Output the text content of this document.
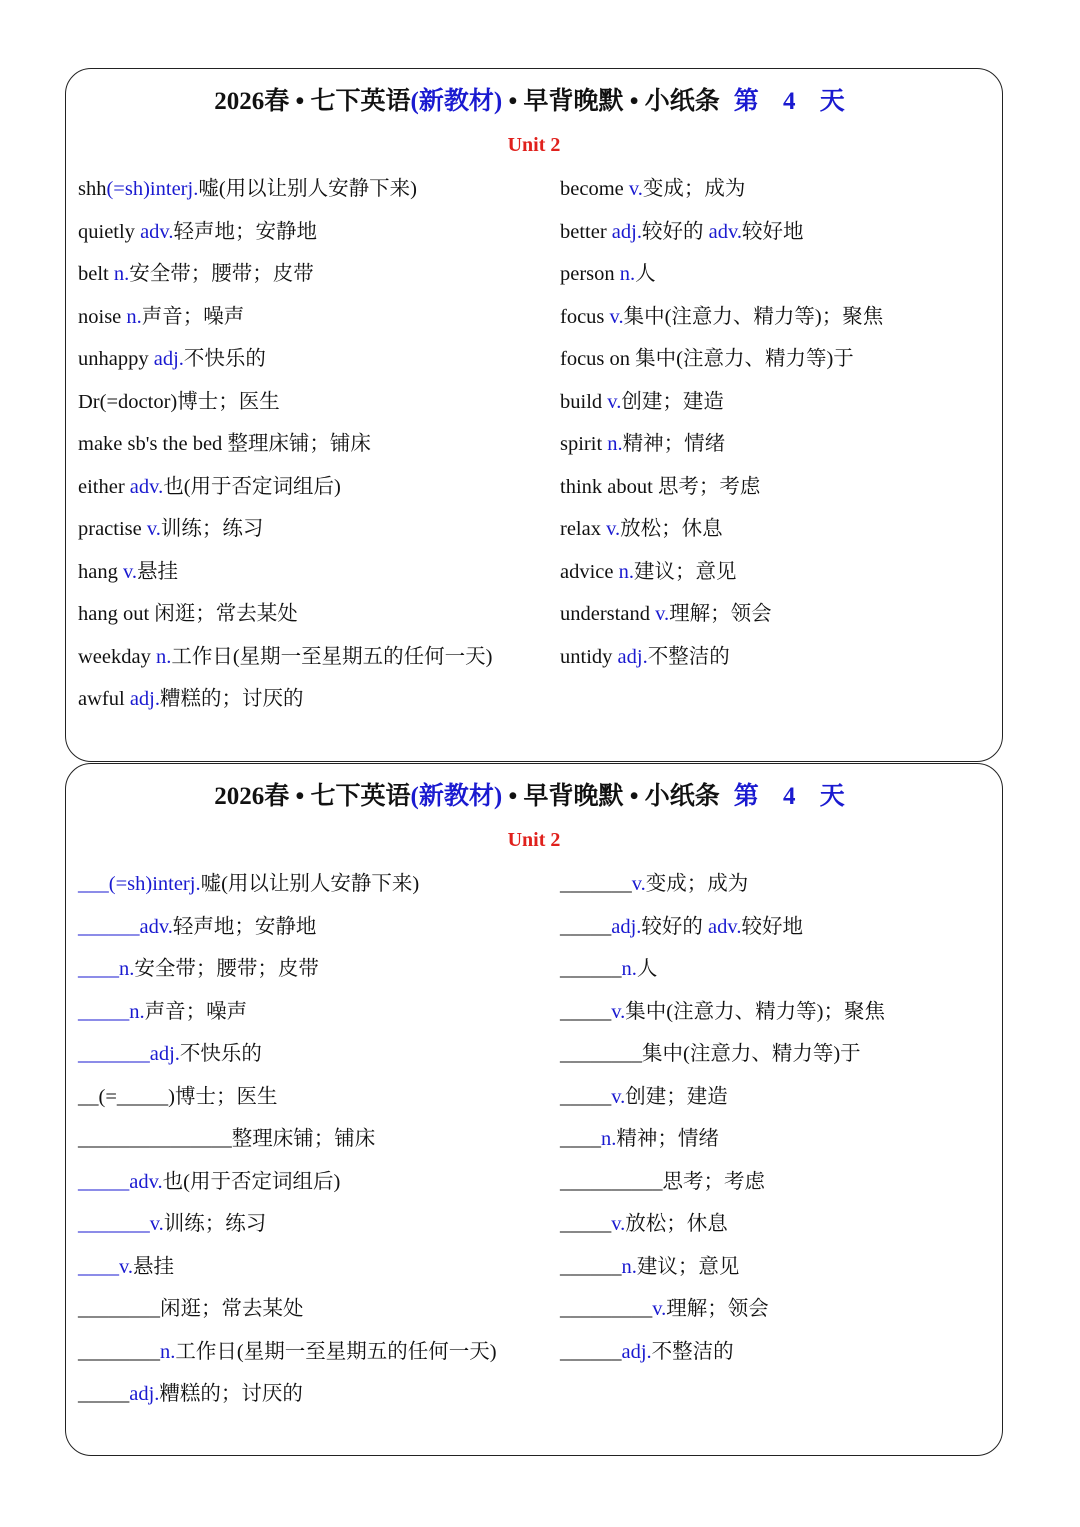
2026春 • 七下英语(新教材) • 早背晚默 • 小纸条 第 4 天
Unit 2
shh(=sh)interj.嘘(用以让别人安静下来)
quietly adv.轻声地；安静地
belt n.安全带；腰带；皮带
noise n.声音；噪声
unhappy adj.不快乐的
Dr(=doctor)博士；医生
make sb's the bed 整理床铺；铺床
either adv.也(用于否定词组后)
practise v.训练；练习
hang v.悬挂
hang out 闲逛；常去某处
weekday n.工作日(星期一至星期五的任何一天)
awful adj.糟糕的；讨厌的
become v.变成；成为
better adj.较好的 adv.较好地
person n.人
focus v.集中(注意力、精力等)；聚焦
focus on 集中(注意力、精力等)于
build v.创建；建造
spirit n.精神；情绪
think about 思考；考虑
relax v.放松；休息
advice n.建议；意见
understand v.理解；领会
untidy adj.不整洁的
2026春 • 七下英语(新教材) • 早背晚默 • 小纸条 第 4 天
Unit 2
___(=sh)interj.嘘(用以让别人安静下来)
______adv.轻声地；安静地
____n.安全带；腰带；皮带
_____n.声音；噪声
_______adj.不快乐的
__(=_____)博士；医生
_______________整理床铺；铺床
_____adv.也(用于否定词组后)
_______v.训练；练习
____v.悬挂
________闲逛；常去某处
________n.工作日(星期一至星期五的任何一天)
_____adj.糟糕的；讨厌的
_______v.变成；成为
_____adj.较好的 adv.较好地
______n.人
_____v.集中(注意力、精力等)；聚焦
________集中(注意力、精力等)于
_____v.创建；建造
____n.精神；情绪
__________思考；考虑
_____v.放松；休息
______n.建议；意见
_________v.理解；领会
______adj.不整洁的
